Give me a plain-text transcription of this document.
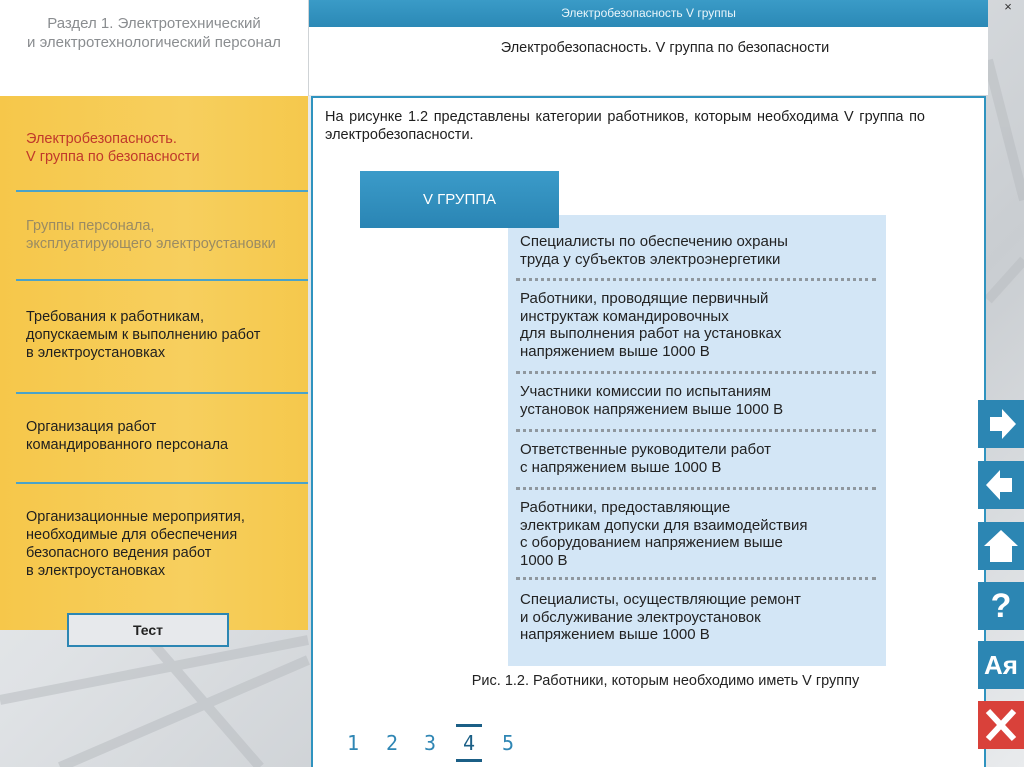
Раздел 1. Электротехнический
и электротехнологический персонал
Электробезопасность.
V группа по безопасности
Группы персонала,
эксплуатирующего электроустановки
Требования к работникам,
допускаемым к выполнению работ
в электроустановках
Организация работ
командированного персонала
Организационные мероприятия,
необходимые для обеспечения
безопасного ведения работ
в электроустановках
Тест
Электробезопасность V группы	×
Электробезопасность. V группа по безопасности
На рисунке 1.2 представлены категории работников, которым необходима V группа по электробезопасности.
Специалисты по обеспечению охраны
труда у субъектов электроэнергетики
Работники, проводящие первичный
инструктаж командировочных
для выполнения работ на установках
напряжением выше 1000 В
Участники комиссии по испытаниям
установок напряжением выше 1000 В
Ответственные руководители работ
с напряжением выше 1000 В
Работники, предоставляющие
электрикам допуски для взаимодействия
с оборудованием напряжением выше
1000 В
Специалисты, осуществляющие ремонт
и обслуживание электроустановок
напряжением выше 1000 В
V ГРУППА
Рис. 1.2. Работники, которым необходимо иметь V группу
1	2	3	4	5
?
Ая
